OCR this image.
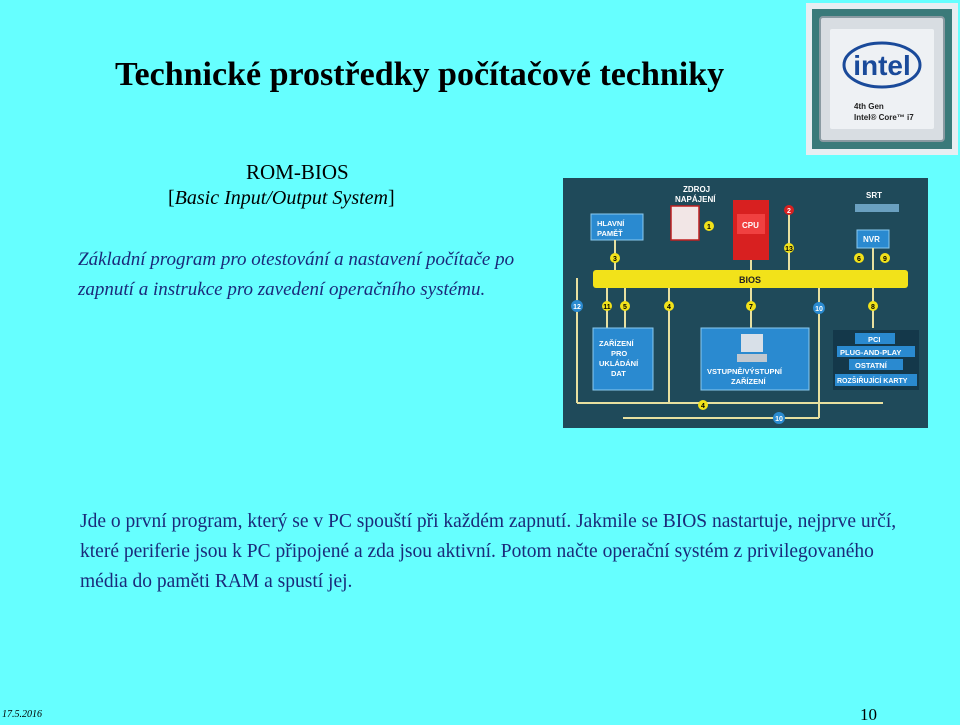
Technické prostředky počítačové techniky
ROM-BIOS
[Basic Input/Output System]
Základní program pro otestování a nastavení počítače po zapnutí a instrukce pro zavedení operačního systému.
Jde o první program, který se v PC spouští při každém zapnutí. Jakmile se BIOS nastartuje, nejprve určí, které periferie jsou k PC připojené a zda jsou aktivní. Potom načte operační systém z privilegovaného média do paměti RAM a spustí jej.
17.5.2016	10
intel
4th Gen
Intel® Core™ i7
ZDROJ
NAPÁJENÍ	SRT
HLAVNÍ
PAMĚŤ
CPU
NVR
BIOS
ZAŘÍZENÍ
PRO
UKLÁDÁNÍ
DAT	VSTUPNĚ/VÝSTUPNÍ
ZAŘÍZENÍ
PCI
PLUG-AND-PLAY
OSTATNÍ
ROZŠIŘUJÍCÍ KARTY
1
2
3
4
5
6
7	8
9
10
11
12
13
4
10
